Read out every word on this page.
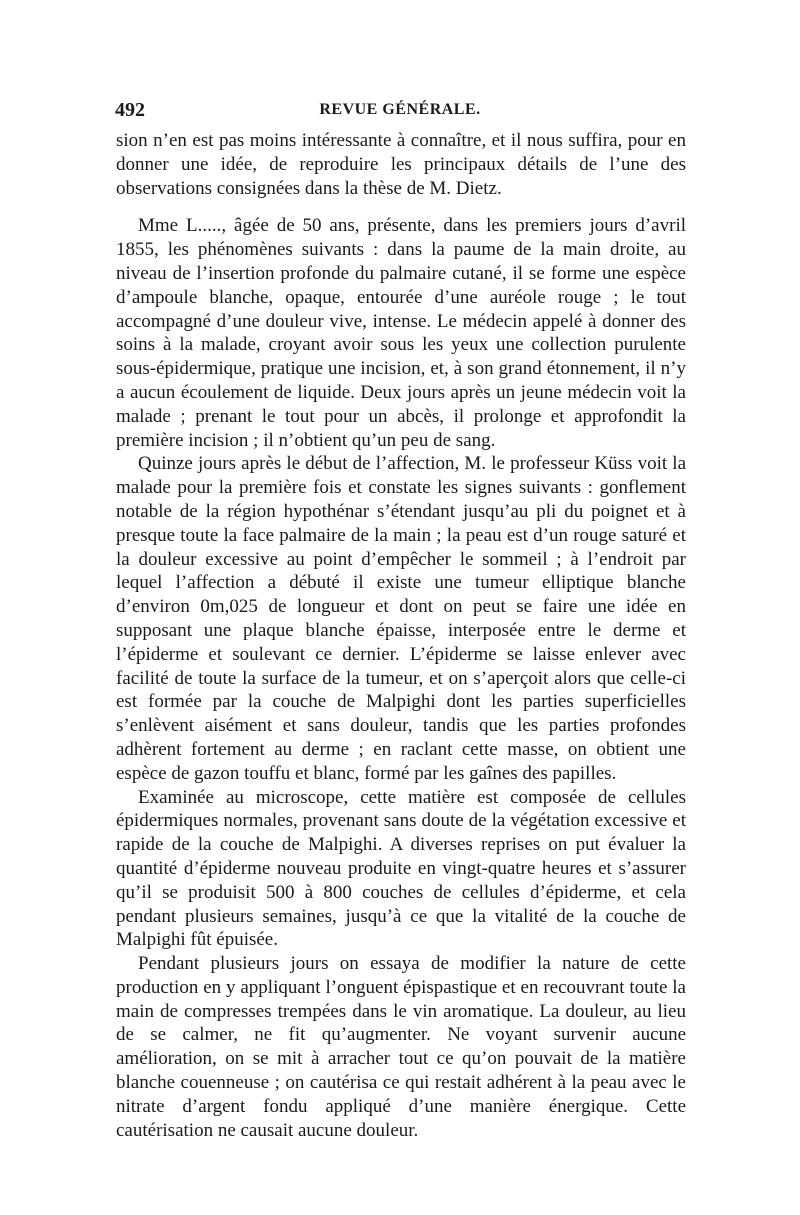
492	REVUE GÉNÉRALE.

sion n’en est pas moins intéressante à connaître, et il nous suffira, pour en donner une idée, de reproduire les principaux détails de l’une des observations consignées dans la thèse de M. Dietz.

Mme L....., âgée de 50 ans, présente, dans les premiers jours d’avril 1855, les phénomènes suivants : dans la paume de la main droite, au niveau de l’insertion profonde du palmaire cutané, il se forme une espèce d’ampoule blanche, opaque, entourée d’une auréole rouge ; le tout accompagné d’une douleur vive, intense. Le médecin appelé à donner des soins à la malade, croyant avoir sous les yeux une collection purulente sous-épidermique, pratique une incision, et, à son grand étonnement, il n’y a aucun écoulement de liquide. Deux jours après un jeune médecin voit la malade ; prenant le tout pour un abcès, il prolonge et approfondit la première incision ; il n’obtient qu’un peu de sang.

Quinze jours après le début de l’affection, M. le professeur Küss voit la malade pour la première fois et constate les signes suivants : gonflement notable de la région hypothénar s’étendant jusqu’au pli du poignet et à presque toute la face palmaire de la main ; la peau est d’un rouge saturé et la douleur excessive au point d’empêcher le sommeil ; à l’endroit par lequel l’affection a débuté il existe une tumeur elliptique blanche d’environ 0m,025 de longueur et dont on peut se faire une idée en supposant une plaque blanche épaisse, interposée entre le derme et l’épiderme et soulevant ce dernier. L’épiderme se laisse enlever avec facilité de toute la surface de la tumeur, et on s’aperçoit alors que celle-ci est formée par la couche de Malpighi dont les parties superficielles s’enlèvent aisément et sans douleur, tandis que les parties profondes adhèrent fortement au derme ; en raclant cette masse, on obtient une espèce de gazon touffu et blanc, formé par les gaînes des papilles.

Examinée au microscope, cette matière est composée de cellules épidermiques normales, provenant sans doute de la végétation excessive et rapide de la couche de Malpighi. A diverses reprises on put évaluer la quantité d’épiderme nouveau produite en vingt-quatre heures et s’assurer qu’il se produisit 500 à 800 couches de cellules d’épiderme, et cela pendant plusieurs semaines, jusqu’à ce que la vitalité de la couche de Malpighi fût épuisée.

Pendant plusieurs jours on essaya de modifier la nature de cette production en y appliquant l’onguent épispastique et en recouvrant toute la main de compresses trempées dans le vin aromatique. La douleur, au lieu de se calmer, ne fit qu’augmenter. Ne voyant survenir aucune amélioration, on se mit à arracher tout ce qu’on pouvait de la matière blanche couenneuse ; on cautérisa ce qui restait adhérent à la peau avec le nitrate d’argent fondu appliqué d’une manière énergique. Cette cautérisation ne causait aucune douleur.
